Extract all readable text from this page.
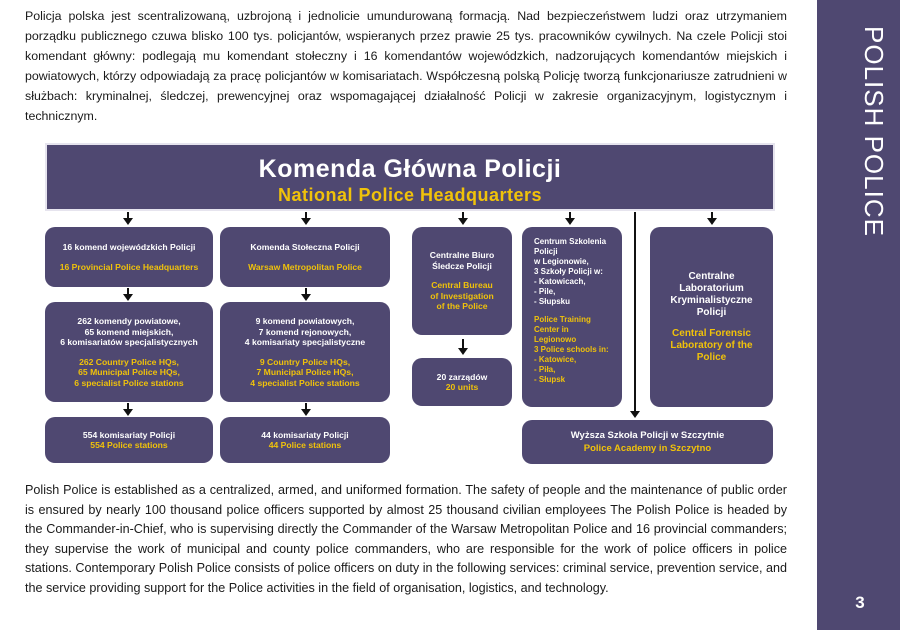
Policja polska jest scentralizowaną, uzbrojoną i jednolicie umundurowaną formacją. Nad bezpieczeństwem ludzi oraz utrzymaniem porządku publicznego czuwa blisko 100 tys. policjantów, wspieranych przez prawie 25 tys. pracowników cywilnych. Na czele Policji stoi komendant główny: podlegają mu komendant stołeczny i 16 komendantów wojewódzkich, nadzorujących komendantów miejskich i powiatowych, którzy odpowiadają za pracę policjantów w komisariatach. Współczesną polską Policję tworzą funkcjonariusze zatrudnieni w służbach: kryminalnej, śledczej, prewencyjnej oraz wspomagającej działalność Policji w zakresie organizacyjnym, logistycznym i technicznym.	POLISH POLICE
3
Komenda Główna Policji
National Police Headquarters
16 komend wojewódzkich Policji
16 Provincial Police Headquarters
262 komendy powiatowe,
65 komend miejskich,
6 komisariatów specjalistycznych
262 Country Police HQs,
65 Municipal Police HQs,
6 specialist Police stations
554 komisariaty Policji
554 Police stations
Komenda Stołeczna Policji
Warsaw Metropolitan Police
9 komend powiatowych,
7 komend rejonowych,
4 komisariaty specjalistyczne
9 Country Police HQs,
7 Municipal Police HQs,
4 specialist Police stations
44 komisariaty Policji
44 Police stations
Centralne Biuro
Śledcze Policji
Central Bureau
of Investigation
of the Police
20 zarządów
20 units
Centrum Szkolenia
Policji
w Legionowie,
3 Szkoły Policji w:
- Katowicach,
- Pile,
- Słupsku
Police Training
Center in
Legionowo
3 Police schools in:
- Katowice,
- Piła,
- Słupsk
Centralne
Laboratorium
Kryminalistyczne
Policji
Central Forensic
Laboratory of the
Police
Wyższa Szkoła Policji w Szczytnie
Police Academy in Szczytno

Polish Police is established as a centralized, armed, and uniformed formation. The safety of people and the maintenance of public order is ensured by nearly 100 thousand police officers supported by almost 25 thousand civilian employees The Polish Police is headed by the Commander-in-Chief, who is supervising directly the Commander of the Warsaw Metropolitan Police and 16 provincial commanders; they supervise the work of municipal and county police commanders, who are responsible for the work of police officers in police stations. Contemporary Polish Police consists of police officers on duty in the following services: criminal service, prevention service, and the service providing support for the Police activities in the field of organisation, logistics, and technology.
